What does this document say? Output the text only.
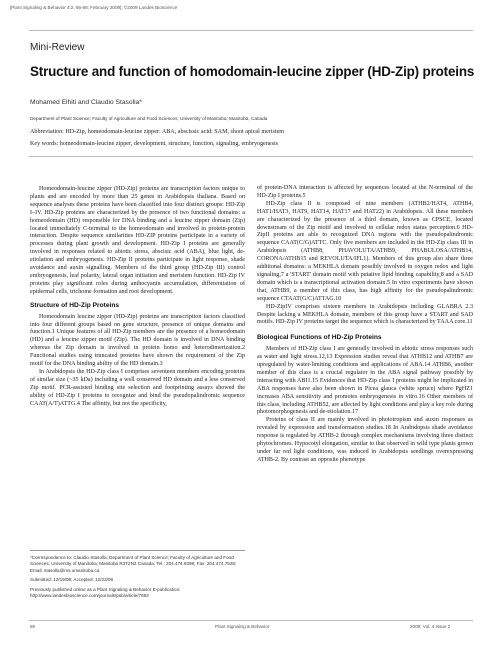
[Plant Signaling & Behavior 4:2, 86-88; February 2009]; ©2009 Landes Bioscience
Mini-Review
Structure and function of homodomain-leucine zipper (HD-Zip) proteins
Mohamed Elhiti and Claudio Stasolla*
Department of Plant Science; Faculty of Agriculture and Food Sciences; University of Manitoba; Manitoba, Canada
Abbreviation: HD-Zip, homeodomain-leucine zipper: ABA, abscissic acid: SAM, shoot apical meristem
Key words: homeodomain-leucine zipper, development, structure, function, signaling, embryogenesis

Homeodomain-leucine zipper (HD-Zip) proteins are transcription factors unique to plants and are encoded by more than 25 genes in Arabidopsis thaliana. Based on sequence analyses these proteins have been classified into four distinct groups: HD-Zip I–IV. HD-Zip proteins are characterized by the presence of two functional domains: a homeodomain (HD) responsible for DNA binding and a leucine zipper domain (Zip) located immediately C-terminal to the homeodomain and involved in protein-protein interaction. Despite sequence similarities HD-ZIP proteins participate in a variety of processes during plant growth and development. HD-Zip I proteins are generally involved in responses related to abiotic stress, abscisic acid (ABA), blue light, de-etiolation and embryogenesis. HD-Zip II proteins participate in light response, shade avoidance and auxin signalling. Members of the third group (HD-Zip III) control embryogenesis, leaf polarity, lateral organ initiation and meristem function. HD-Zip IV proteins play significant roles during anthocyanin accumulation, differentiation of epidermal cells, trichome formation and root development.

Structure of HD-Zip Proteins

Homeodomain leucine zipper (HD-Zip) proteins are transcription factors classified into four different groups based on gene structure, presence of unique domains and function.1 Unique features of all HD-Zip members are the presence of a homeodomain (HD) and a leucine zipper motif (Zip). The HD domain is involved in DNA binding whereas the Zip domain is involved in protein homo and heterodimerization.2 Functional studies using truncated proteins have shown the requirement of the Zip motif for the DNA binding ability of the HD domain.3

In Arabidopsis the HD-Zip class I comprises seventeen members encoding proteins of similar size (~35 kDa) including a well conserved HD domain and a less conserved Zip motif. PCR-assisted binding site selection and footprinting assays showed the ability of HD-Zip I proteins to recognize and bind the pseudopalindromic sequence CAAT(A/T)ATTG.4 The affinity, but not the specificity,

of protein-DNA interaction is affected by sequences located at the N-terminal of the HD-Zip I proteins.5

HD-Zip class II is composed of nine members (ATHB2/HAT4, ATHB4, HAT1/HAT3, HAT9, HAT14, HAT17 and HAT22) in Arabidopsis. All these members are characterized by the presence of a third domain, known as CPSCE, located downstream of the Zip motif and involved in cellular redox status perception.6 HD-ZipII proteins are able to recognized DNA regions with the pseudopalindromic sequence CAAT(C/G)ATTC. Only five members are included in the HD-Zip class III in Arabidopsis (ATHB8, PHAVOLUTA/ATHB9, PHABULOSA/ATHB14, CORONA/ATHB15 and REVOLUTA/IFL1). Members of this group also share three additional domains: a MEKHLA domain possibly involved in oxygen redox and light signaling,7 a 'START' domain motif with putative lipid binding capability,8 and a SAD domain which is a transcriptional activation domain.5 In vitro experiments have shown that, ATHB9, a member of this class, has high affinity for the pseudopalindromic sequence CTAAT(G/C)ATTAG.10

HD-ZipIV comprises sixteen members in Arabidopsis including GLABRA 2.3 Despite lacking a MEKHLA domain, members of this group have a START and SAD motifs. HD-Zip IV proteins target the sequence which is characterized by TAAA core.11

Biological Functions of HD-Zip Proteins

Members of HD-Zip class I are generally involved in abiotic stress responses such as water and light stress.12,13 Expression studies reveal that ATHB12 and ATHB7 are upregulated by water-limiting conditions and applications of ABA.14 ATHB6, another member of this class is a crucial regulator in the ABA signal pathway possibly by interacting with ABI1.15 Evidences that HD-Zip class I proteins might be implicated in ABA responses have also been shown in Picea glauca (white spruce) where PgHZ1 increases ABA sensitivity and promotes embryogenesis in vitro.16 Other members of this class, including ATHB52, are affected by light conditions and play a key role during photomorphogenesis and de-etiolation.17

Proteins of class II are mainly involved in phototropism and auxin responses as revealed by expression and transformation studies.18 In Arabidopsis shade avoidance response is regulated by ATHB-2 through complex mechanisms involving three distinct phytochromes. Hypocotyl elongation, similar to that observed in wild type plants grown under far red light conditions, was induced in Arabidopsis seedlings overexpressing ATHB-2. By contrast an opposite phenotype

*Correspondence to: Claudio Stasolla; Department of Plant Science; Faculty of Agriculture and Food Sciences; University of Manitoba; Manitoba R3T2N2 Canada; Tel.: 204.474.6098; Fax: 204.474.7528; Email: stasolla@ms.umanitoba.ca

Submitted: 12/19/08; Accepted: 12/23/08

Previously published online as a Plant Signaling & Behavior E-publication: http://www.landesbioscience.com/journals/psb/article/7693

86	Plant Signaling & Behavior	2009; Vol. 4 Issue 2
